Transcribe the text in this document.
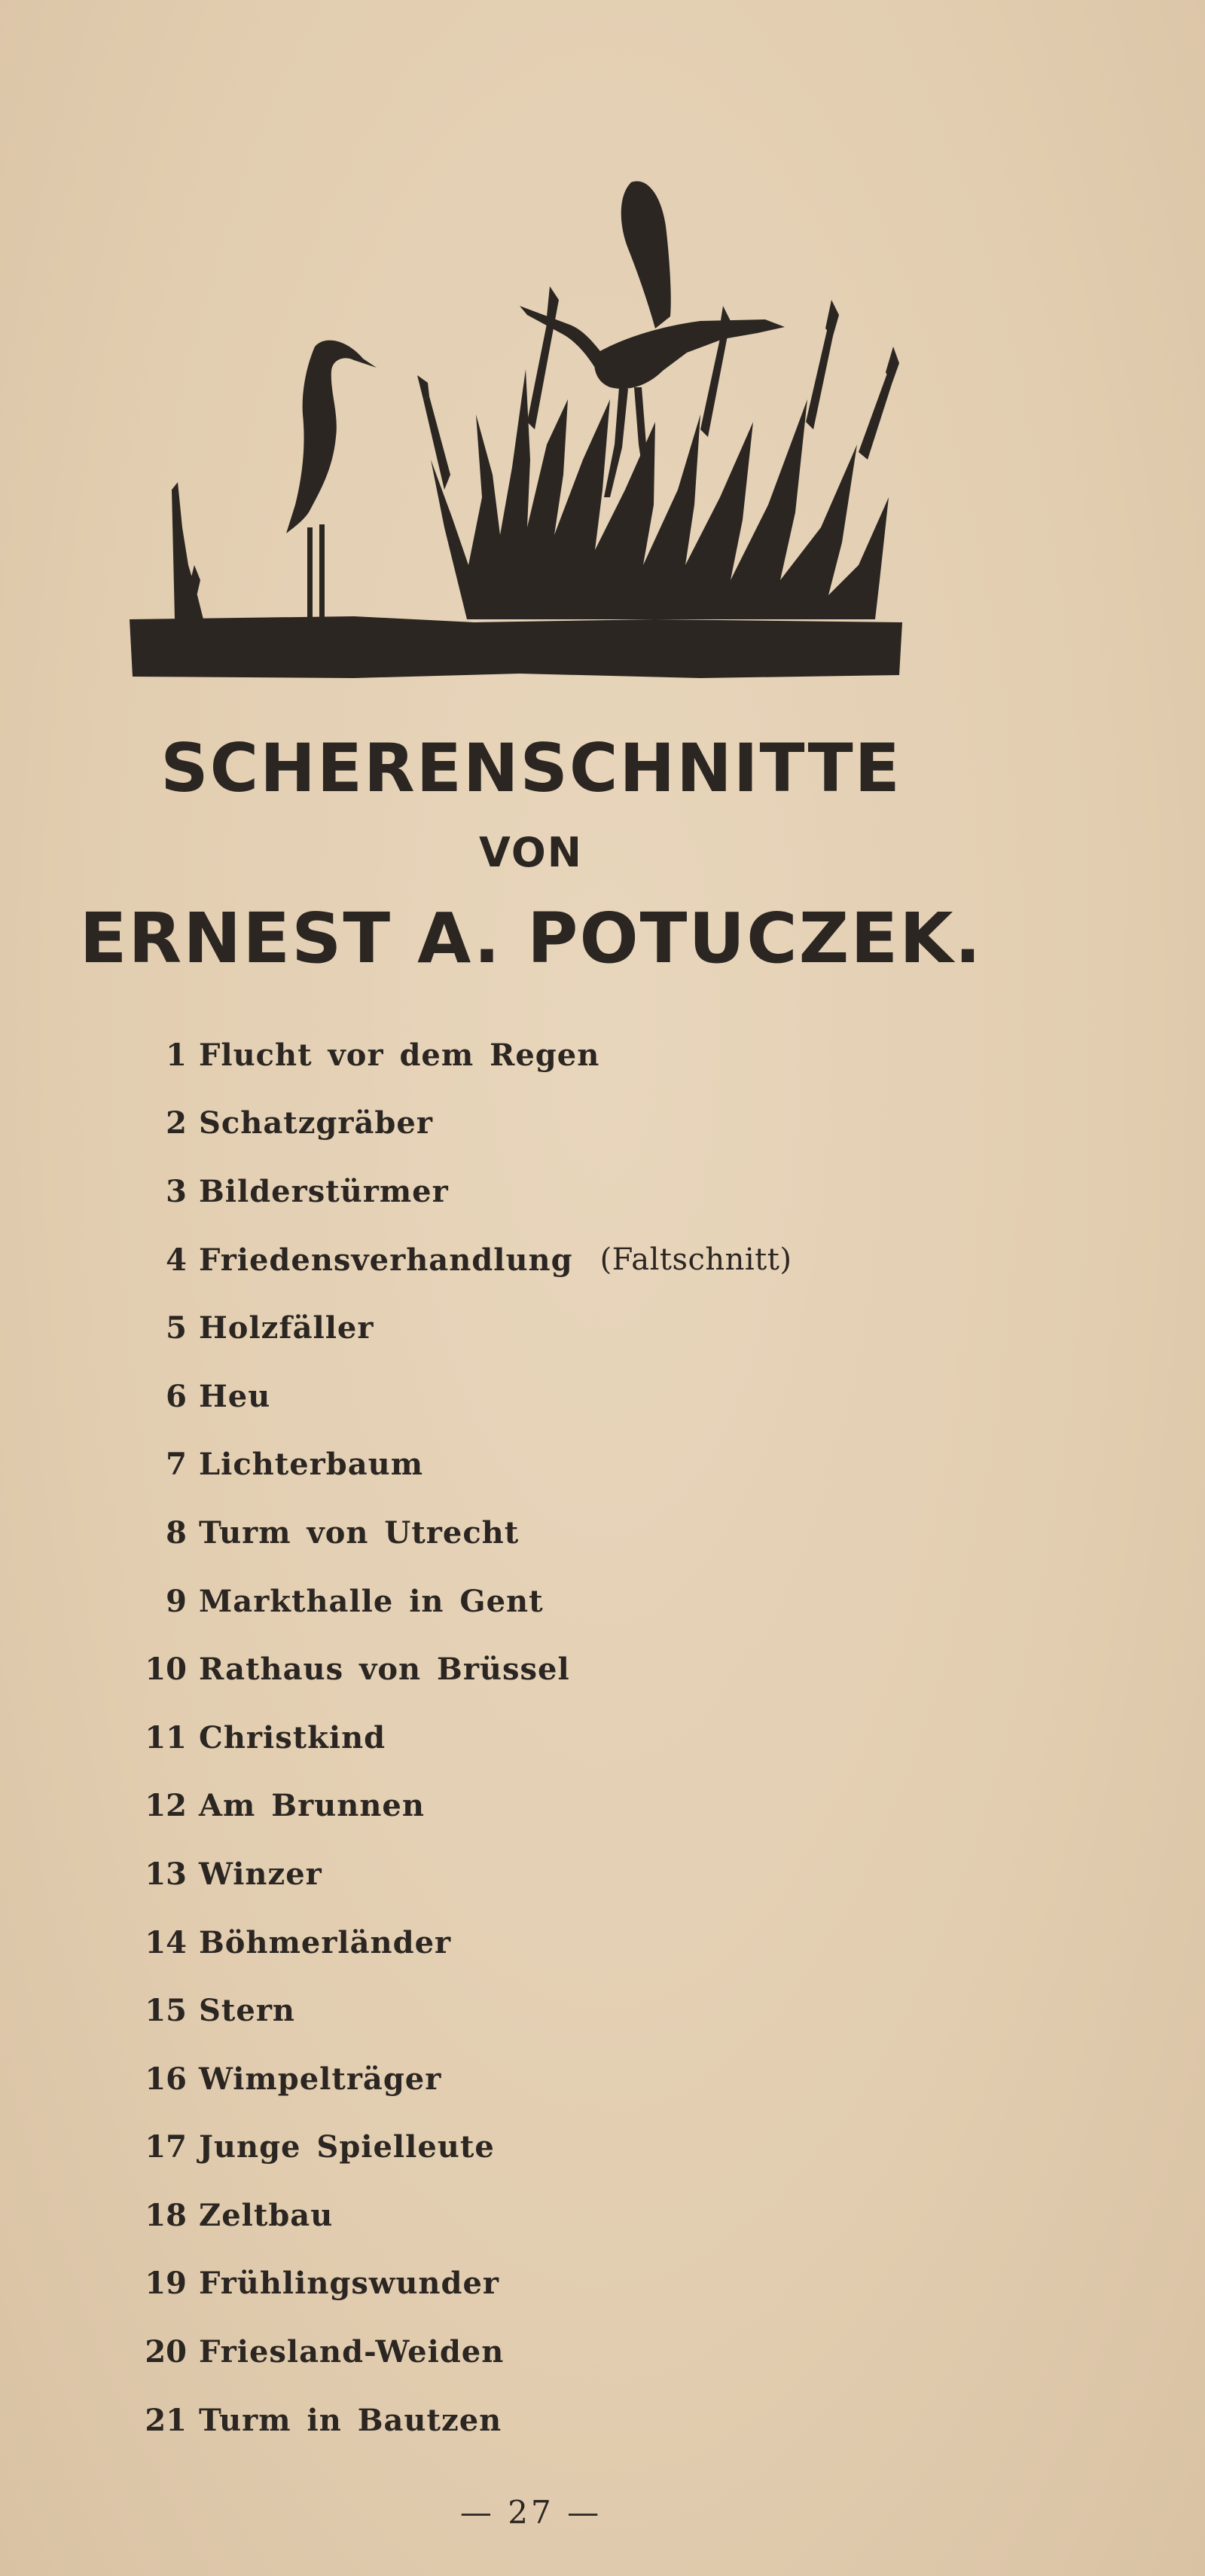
SCHERENSCHNITTE
VON
ERNEST A. POTUCZEK.
1 Flucht vor dem Regen
2 Schatzgräber
3 Bilderstürmer
4 Friedensverhandlung (Faltschnitt)
5 Holzfäller
6 Heu
7 Lichterbaum
8 Turm von Utrecht
9 Markthalle in Gent
10 Rathaus von Brüssel
11 Christkind
12 Am Brunnen
13 Winzer
14 Böhmerländer
15 Stern
16 Wimpelträger
17 Junge Spielleute
18 Zeltbau
19 Frühlingswunder
20 Friesland-Weiden
21 Turm in Bautzen

— 27 —
